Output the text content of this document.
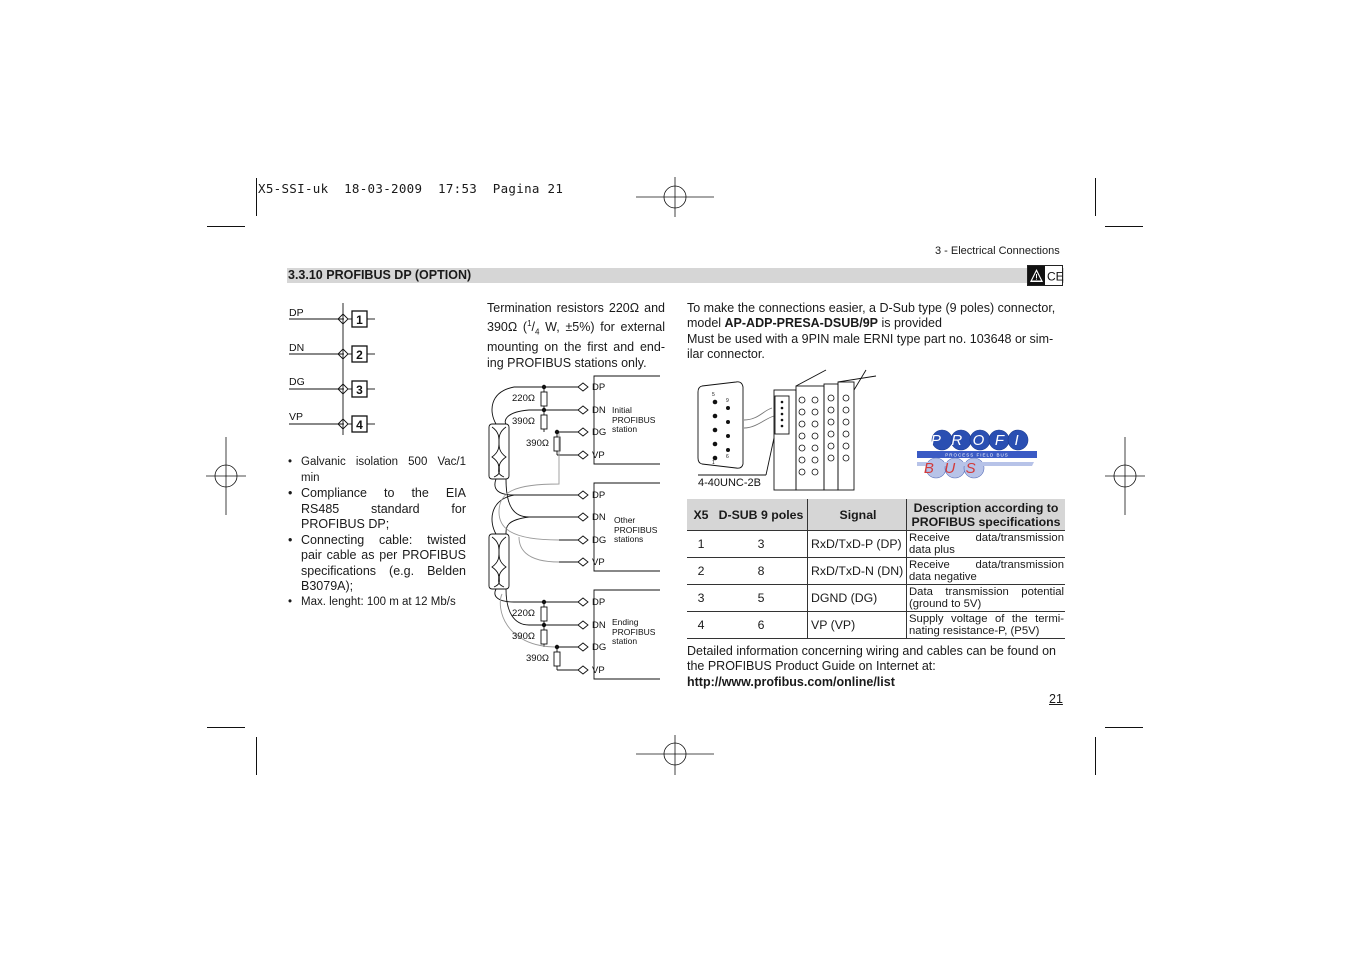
X5-SSI-uk  18-03-2009  17:53  Pagina 21
3 - Electrical Connections
3.3.10 PROFIBUS DP (OPTION)	CE
DP
DN
DG
VP
1
2
3
4
• Galvanic isolation 500 Vac/1 min
• Compliance to the EIA RS485 standard for PROFIBUS DP;
• Connecting cable: twisted pair cable as per PROFIBUS specifications (e.g. Belden B3079A);
• Max. lenght: 100 m at 12 Mb/s
Termination resistors 220Ω and 390Ω ($^1/_4$ W, ±5%) for external mounting on the first and end-ing PROFIBUS stations only.
DP
DN
DG
VP
DP
DN
DG
VP
DP
DN
DG
VP
220Ω
390Ω
390Ω
220Ω
390Ω
390Ω
Initial PROFIBUS station
Other PROFIBUS stations
Ending PROFIBUS station
To make the connections easier, a D-Sub type (9 poles) connector, model AP-ADP-PRESA-DSUB/9P is provided
Must be used with a 9PIN male ERNI type part no. 103648 or sim-ilar connector.
5
9
6
1
4-40UNC-2B
PROCESS FIELD BUS
PROFI
BUS
X5	D-SUB 9 poles	Signal	Description according to PROFIBUS specifications
1	3	RxD/TxD-P (DP)	Receive data/transmission data plus
2	8	RxD/TxD-N (DN)	Receive data/transmission data negative
3	5	DGND (DG)	Data transmission potential (ground to 5V)
4	6	VP (VP)	Supply voltage of the termi-nating resistance-P, (P5V)
Detailed information concerning wiring and cables can be found on the PROFIBUS Product Guide on Internet at:
http://www.profibus.com/online/list
21
